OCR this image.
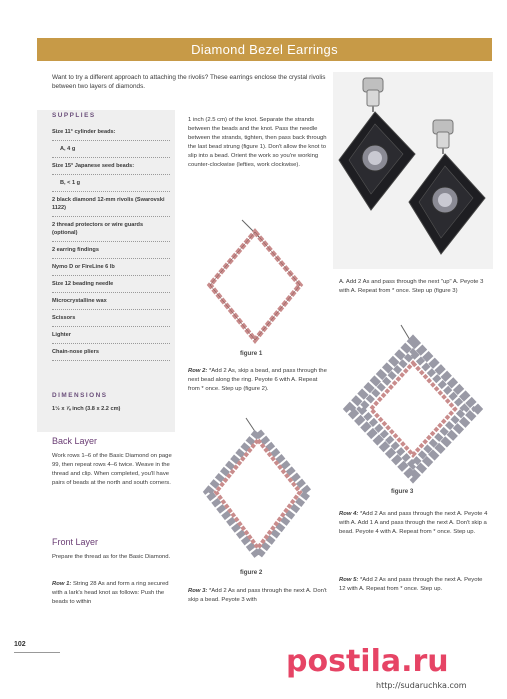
Diamond Bezel Earrings
Want to try a different approach to attaching the rivolis? These earrings enclose the crystal rivolis between two layers of diamonds.
SUPPLIES
Size 11° cylinder beads:
A, 4 g
Size 15° Japanese seed beads:
B, < 1 g
2 black diamond 12-mm rivolis (Swarovski 1122)
2 thread protectors or wire guards (optional)
2 earring findings
Nymo D or FireLine 6 lb
Size 12 beading needle
Microcrystalline wax
Scissors
Lighter
Chain-nose pliers
DIMENSIONS
1½ x ⅞ inch (3.8 x 2.2 cm)
Back Layer
Work rows 1–6 of the Basic Diamond on page 99, then repeat rows 4–6 twice. Weave in the thread and clip. When completed, you'll have pairs of beads at the north and south corners.
Front Layer
Prepare the thread as for the Basic Diamond.
Row 1: String 28 As and form a ring secured with a lark's head knot as follows: Push the beads to within
1 inch (2.5 cm) of the knot. Separate the strands between the beads and the knot. Pass the needle between the strands, tighten, then pass back through the last bead strung (figure 1). Don't allow the knot to slip into a bead. Orient the work so you're working counter-clockwise (lefties, work clockwise).
figure 1
Row 2: *Add 2 As, skip a bead, and pass through the next bead along the ring. Peyote 6 with A. Repeat from * once. Step up (figure 2).
figure 2
Row 3: *Add 2 As and pass through the next A. Don't skip a bead. Peyote 3 with
A. Add 2 As and pass through the next "up" A. Peyote 3 with A. Repeat from * once. Step up (figure 3)
figure 3
Row 4: *Add 2 As and pass through the next A. Peyote 4 with A. Add 1 A and pass through the next A. Don't skip a bead. Peyote 4 with A. Repeat from * once. Step up.
Row 5: *Add 2 As and pass through the next A. Peyote 12 with A. Repeat from * once. Step up.
102	postila.ru
http://sudaruchka.com
